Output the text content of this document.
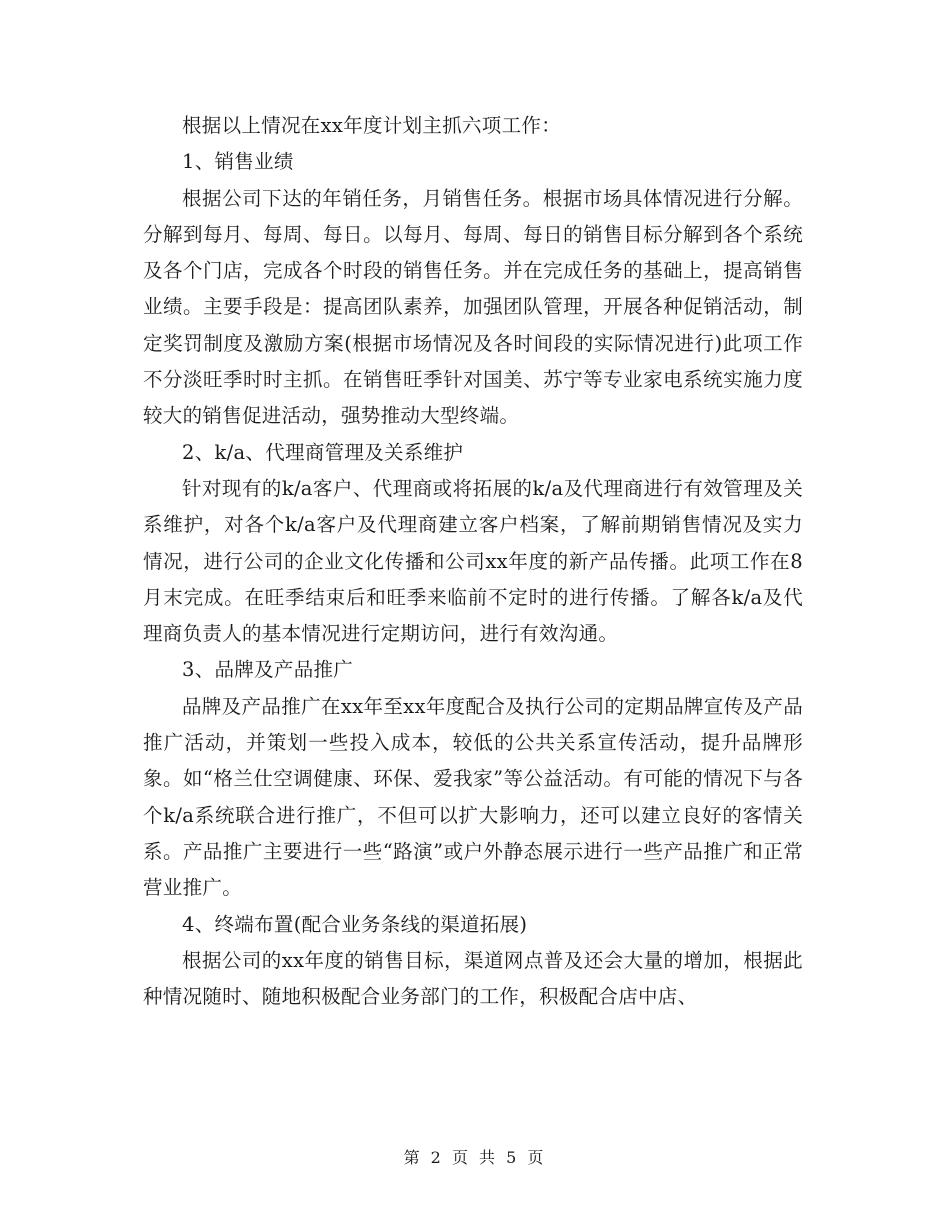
根据以上情况在xx年度计划主抓六项工作：

1、销售业绩

根据公司下达的年销任务，月销售任务。根据市场具体情况进行分解。分解到每月、每周、每日。以每月、每周、每日的销售目标分解到各个系统及各个门店，完成各个时段的销售任务。并在完成任务的基础上，提高销售业绩。主要手段是：提高团队素养，加强团队管理，开展各种促销活动，制定奖罚制度及激励方案(根据市场情况及各时间段的实际情况进行)此项工作不分淡旺季时时主抓。在销售旺季针对国美、苏宁等专业家电系统实施力度较大的销售促进活动，强势推动大型终端。

2、k/a、代理商管理及关系维护

针对现有的k/a客户、代理商或将拓展的k/a及代理商进行有效管理及关系维护，对各个k/a客户及代理商建立客户档案，了解前期销售情况及实力情况，进行公司的企业文化传播和公司xx年度的新产品传播。此项工作在8月末完成。在旺季结束后和旺季来临前不定时的进行传播。了解各k/a及代理商负责人的基本情况进行定期访问，进行有效沟通。

3、品牌及产品推广

品牌及产品推广在xx年至xx年度配合及执行公司的定期品牌宣传及产品推广活动，并策划一些投入成本，较低的公共关系宣传活动，提升品牌形象。如“格兰仕空调健康、环保、爱我家”等公益活动。有可能的情况下与各个k/a系统联合进行推广，不但可以扩大影响力，还可以建立良好的客情关系。产品推广主要进行一些“路演”或户外静态展示进行一些产品推广和正常营业推广。

4、终端布置(配合业务条线的渠道拓展)

根据公司的xx年度的销售目标，渠道网点普及还会大量的增加，根据此种情况随时、随地积极配合业务部门的工作，积极配合店中店、

第 2 页 共 5 页
